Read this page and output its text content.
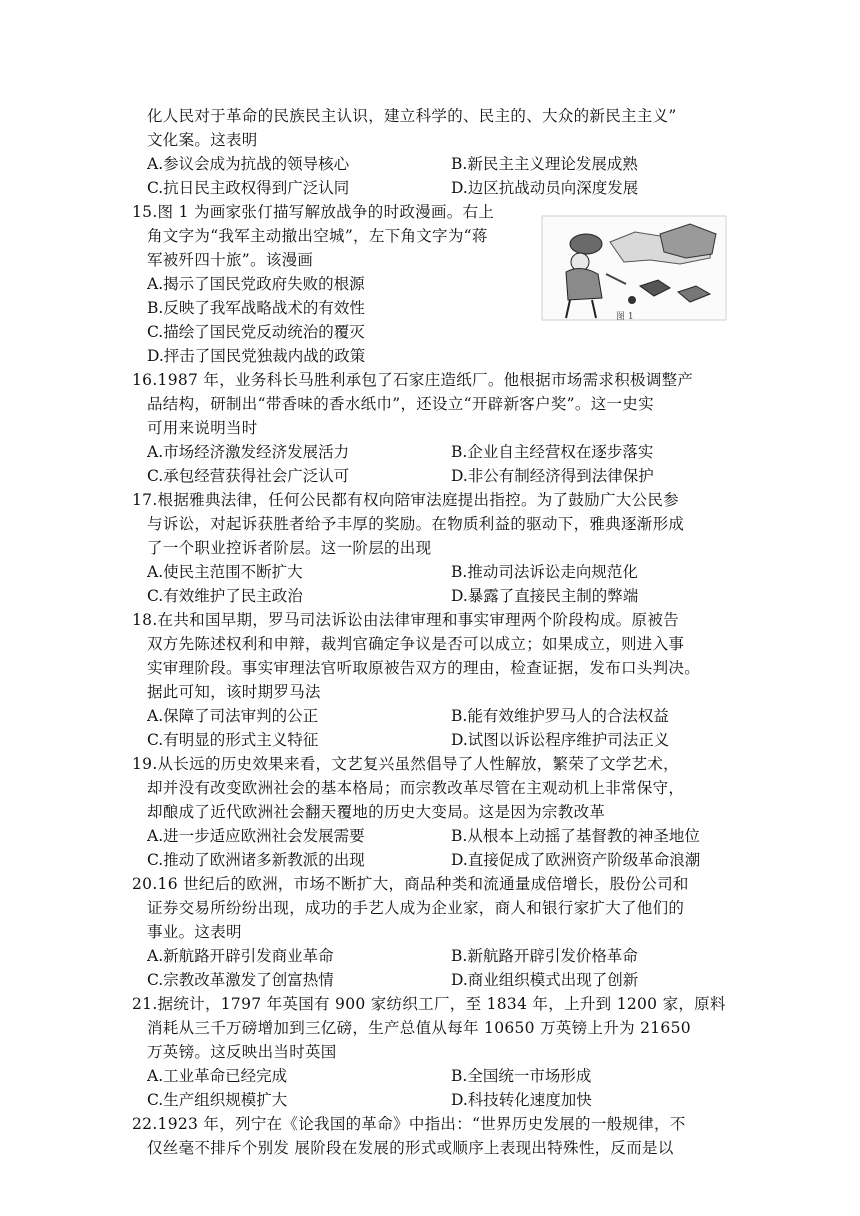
化人民对于革命的民族民主认识，建立科学的、民主的、大众的新民主主义”
文化案。这表明
A.参议会成为抗战的领导核心	B.新民主主义理论发展成熟
C.抗日民主政权得到广泛认同	D.边区抗战动员向深度发展
15.图 1 为画家张仃描写解放战争的时政漫画。右上
角文字为“我军主动撤出空城”，左下角文字为“蒋
军被歼四十旅”。该漫画
A.揭示了国民党政府失败的根源
B.反映了我军战略战术的有效性
C.描绘了国民党反动统治的覆灭
D.抨击了国民党独裁内战的政策
图 1
16.1987 年，业务科长马胜利承包了石家庄造纸厂。他根据市场需求积极调整产
品结构，研制出“带香味的香水纸巾”，还设立“开辟新客户奖”。这一史实
可用来说明当时
A.市场经济激发经济发展活力	B.企业自主经营权在逐步落实
C.承包经营获得社会广泛认可	D.非公有制经济得到法律保护
17.根据雅典法律，任何公民都有权向陪审法庭提出指控。为了鼓励广大公民参
与诉讼，对起诉获胜者给予丰厚的奖励。在物质利益的驱动下，雅典逐渐形成
了一个职业控诉者阶层。这一阶层的出现
A.使民主范围不断扩大	B.推动司法诉讼走向规范化
C.有效维护了民主政治	D.暴露了直接民主制的弊端
18.在共和国早期，罗马司法诉讼由法律审理和事实审理两个阶段构成。原被告
双方先陈述权利和申辩，裁判官确定争议是否可以成立；如果成立，则进入事
实审理阶段。事实审理法官听取原被告双方的理由，检查证据，发布口头判决。
据此可知，该时期罗马法
A.保障了司法审判的公正	B.能有效维护罗马人的合法权益
C.有明显的形式主义特征	D.试图以诉讼程序维护司法正义
19.从长远的历史效果来看，文艺复兴虽然倡导了人性解放，繁荣了文学艺术，
却并没有改变欧洲社会的基本格局；而宗教改革尽管在主观动机上非常保守，
却酿成了近代欧洲社会翻天覆地的历史大变局。这是因为宗教改革
A.进一步适应欧洲社会发展需要	B.从根本上动摇了基督教的神圣地位
C.推动了欧洲诸多新教派的出现	D.直接促成了欧洲资产阶级革命浪潮
20.16 世纪后的欧洲，市场不断扩大，商品种类和流通量成倍增长，股份公司和
证券交易所纷纷出现，成功的手艺人成为企业家，商人和银行家扩大了他们的
事业。这表明
A.新航路开辟引发商业革命	B.新航路开辟引发价格革命
C.宗教改革激发了创富热情	D.商业组织模式出现了创新
21.据统计，1797 年英国有 900 家纺织工厂，至 1834 年，上升到 1200 家，原料
消耗从三千万磅增加到三亿磅，生产总值从每年 10650 万英镑上升为 21650
万英镑。这反映出当时英国
A.工业革命已经完成	B.全国统一市场形成
C.生产组织规模扩大	D.科技转化速度加快
22.1923 年，列宁在《论我国的革命》中指出：“世界历史发展的一般规律，不
仅丝毫不排斥个别发 展阶段在发展的形式或顺序上表现出特殊性，反而是以
